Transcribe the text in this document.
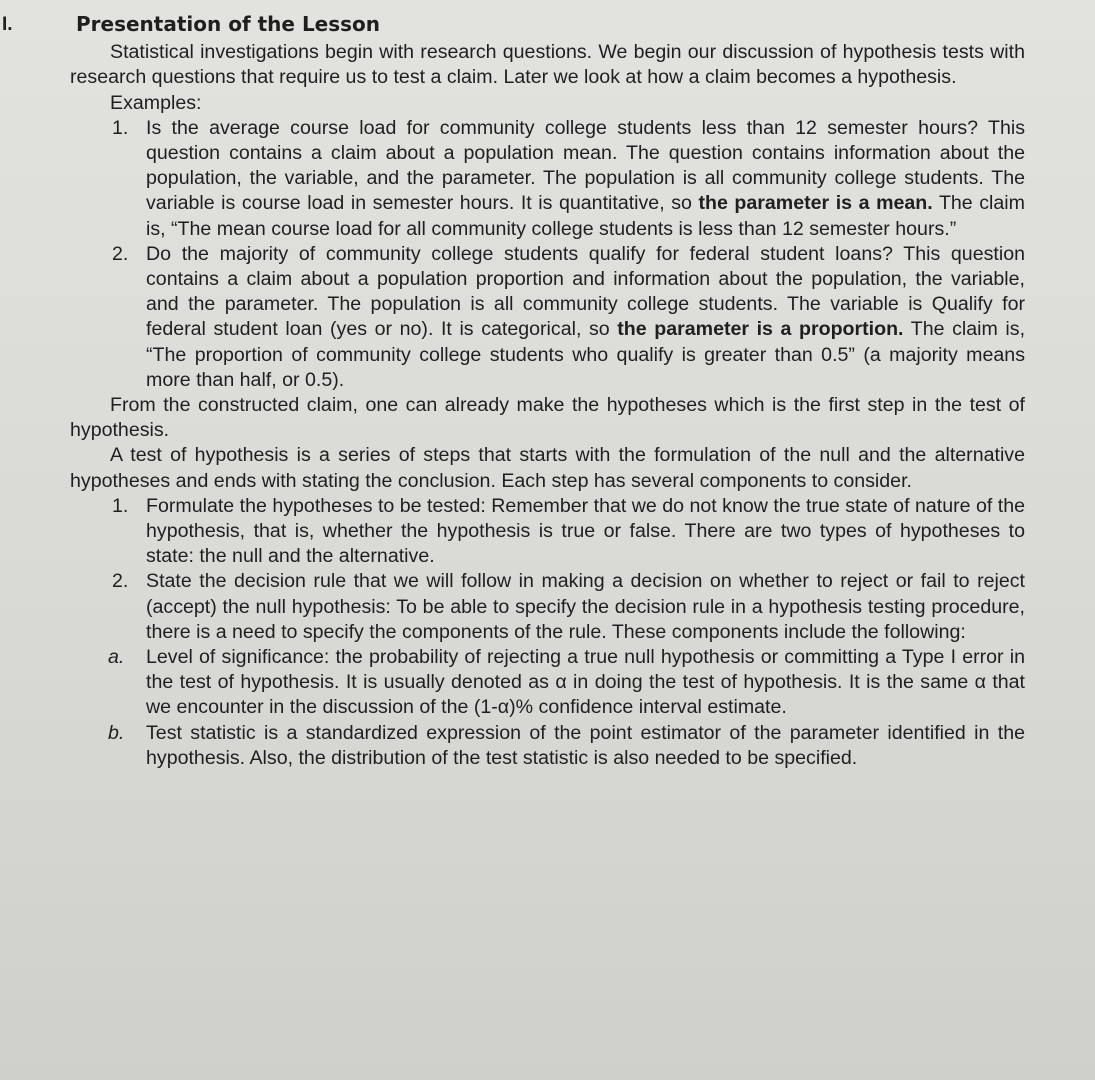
I.	Presentation of the Lesson

Statistical investigations begin with research questions. We begin our discussion of hypothesis tests with research questions that require us to test a claim. Later we look at how a claim becomes a hypothesis.

Examples:

1. Is the average course load for community college students less than 12 semester hours? This question contains a claim about a population mean. The question contains information about the population, the variable, and the parameter. The population is all community college students. The variable is course load in semester hours. It is quantitative, so the parameter is a mean. The claim is, “The mean course load for all community college students is less than 12 semester hours.”
2. Do the majority of community college students qualify for federal student loans? This question contains a claim about a population proportion and information about the population, the variable, and the parameter. The population is all community college students. The variable is Qualify for federal student loan (yes or no). It is categorical, so the parameter is a proportion. The claim is, “The proportion of community college students who qualify is greater than 0.5” (a majority means more than half, or 0.5).

From the constructed claim, one can already make the hypotheses which is the first step in the test of hypothesis.

A test of hypothesis is a series of steps that starts with the formulation of the null and the alternative hypotheses and ends with stating the conclusion. Each step has several components to consider.

1. Formulate the hypotheses to be tested: Remember that we do not know the true state of nature of the hypothesis, that is, whether the hypothesis is true or false. There are two types of hypotheses to state: the null and the alternative.
2. State the decision rule that we will follow in making a decision on whether to reject or fail to reject (accept) the null hypothesis: To be able to specify the decision rule in a hypothesis testing procedure, there is a need to specify the components of the rule. These components include the following:
a. Level of significance: the probability of rejecting a true null hypothesis or committing a Type I error in the test of hypothesis. It is usually denoted as α in doing the test of hypothesis. It is the same α that we encounter in the discussion of the (1-α)% confidence interval estimate.
b. Test statistic is a standardized expression of the point estimator of the parameter identified in the hypothesis. Also, the distribution of the test statistic is also needed to be specified.
